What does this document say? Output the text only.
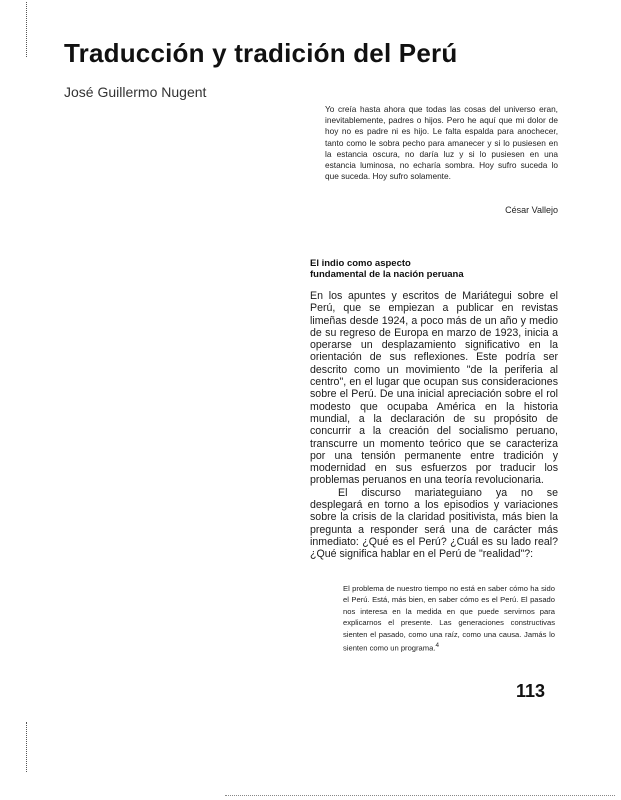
Traducción y tradición del Perú

José Guillermo Nugent

Yo creía hasta ahora que todas las cosas del universo eran, inevitablemente, padres o hijos. Pero he aquí que mi dolor de hoy no es padre ni es hijo. Le falta espalda para anochecer, tanto como le sobra pecho para amanecer y si lo pusiesen en la estancia oscura, no daría luz y si lo pusiesen en una estancia luminosa, no echaría sombra. Hoy sufro suceda lo que suceda. Hoy sufro solamente.

César Vallejo
El indio como aspecto
fundamental de la nación peruana

En los apuntes y escritos de Mariátegui sobre el Perú, que se empiezan a publicar en revistas limeñas desde 1924, a poco más de un año y medio de su regreso de Europa en marzo de 1923, inicia a operarse un desplazamiento significativo en la orientación de sus reflexiones. Este podría ser descrito como un movimiento "de la periferia al centro", en el lugar que ocupan sus consideraciones sobre el Perú. De una inicial apreciación sobre el rol modesto que ocupaba América en la historia mundial, a la declaración de su propósito de concurrir a la creación del socialismo peruano, transcurre un momento teórico que se caracteriza por una tensión permanente entre tradición y modernidad en sus esfuerzos por traducir los problemas peruanos en una teoría revolucionaria.

El discurso mariateguiano ya no se desplegará en torno a los episodios y variaciones sobre la crisis de la claridad positivista, más bien la pregunta a responder será una de carácter más inmediato: ¿Qué es el Perú? ¿Cuál es su lado real? ¿Qué significa hablar en el Perú de "realidad"?:

El problema de nuestro tiempo no está en saber cómo ha sido el Perú. Está, más bien, en saber cómo es el Perú. El pasado nos interesa en la medida en que puede servirnos para explicarnos el presente. Las generaciones constructivas sienten el pasado, como una raíz, como una causa. Jamás lo sienten como un programa.$^4$

113
